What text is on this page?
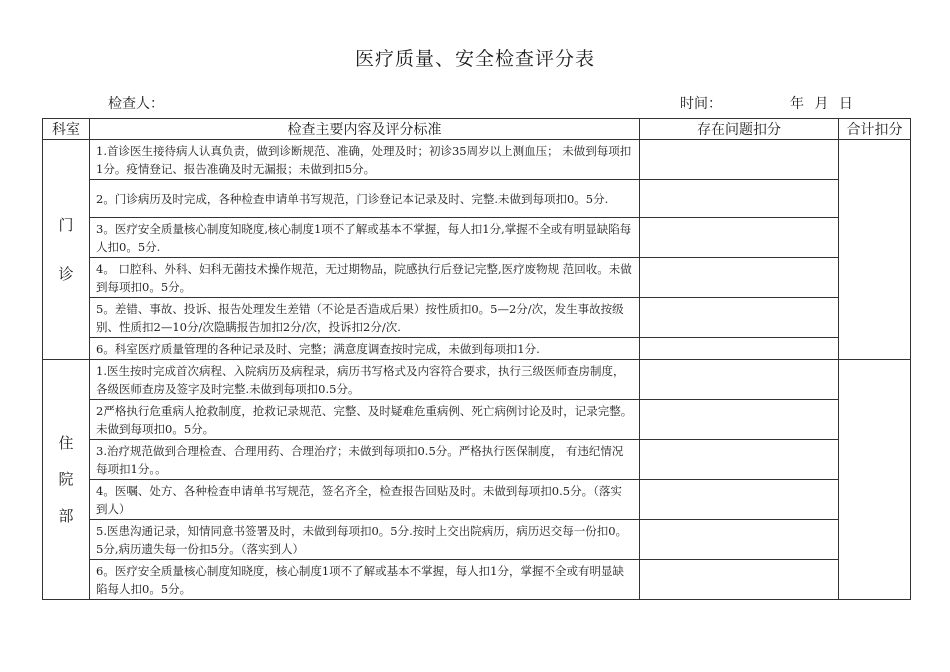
医疗质量、安全检查评分表
检查人：	时间：	年 月 日
科室	检查主要内容及评分标准	存在问题扣分	合计扣分

门
诊	1.首诊医生接待病人认真负责，做到诊断规范、准确，处理及时；初诊35周岁以上测血压； 未做到每项扣1分。疫情登记、报告准确及时无漏报；未做到扣5分。		
	2。门诊病历及时完成，各种检查申请单书写规范，门诊登记本记录及时、完整.未做到每项扣0。5分.		
	3。医疗安全质量核心制度知晓度,核心制度1项不了解或基本不掌握，每人扣1分,掌握不全或有明显缺陷每人扣0。5分.		
	4。 口腔科、外科、妇科无菌技术操作规范，无过期物品，院感执行后登记完整,医疗废物规 范回收。未做到每项扣0。5分。		
	5。差错、事故、投诉、报告处理发生差错（不论是否造成后果）按性质扣0。5—2分/次，发生事故按级别、性质扣2—10分/次隐瞒报告加扣2分/次，投诉扣2分/次.		
	6。科室医疗质量管理的各种记录及时、完整；满意度调查按时完成，未做到每项扣1分.		

住
院
部	1.医生按时完成首次病程、入院病历及病程录，病历书写格式及内容符合要求，执行三级医师查房制度，各级医师查房及签字及时完整.未做到每项扣0.5分。		
	2严格执行危重病人抢救制度，抢救记录规范、完整、及时疑难危重病例、死亡病例讨论及时，记录完整。未做到每项扣0。5分。		
	3.治疗规范做到合理检查、合理用药、合理治疗；未做到每项扣0.5分。严格执行医保制度， 有违纪情况每项扣1分。。		
	4。医嘱、处方、各种检查申请单书写规范，签名齐全，检查报告回贴及时。未做到每项扣0.5分。（落实到人）		
	5.医患沟通记录，知情同意书签署及时，未做到每项扣0。5分.按时上交出院病历，病历迟交每一份扣0。5分,病历遗失每一份扣5分。（落实到人）		
	6。医疗安全质量核心制度知晓度，核心制度1项不了解或基本不掌握，每人扣1分，掌握不全或有明显缺陷每人扣0。5分。		
